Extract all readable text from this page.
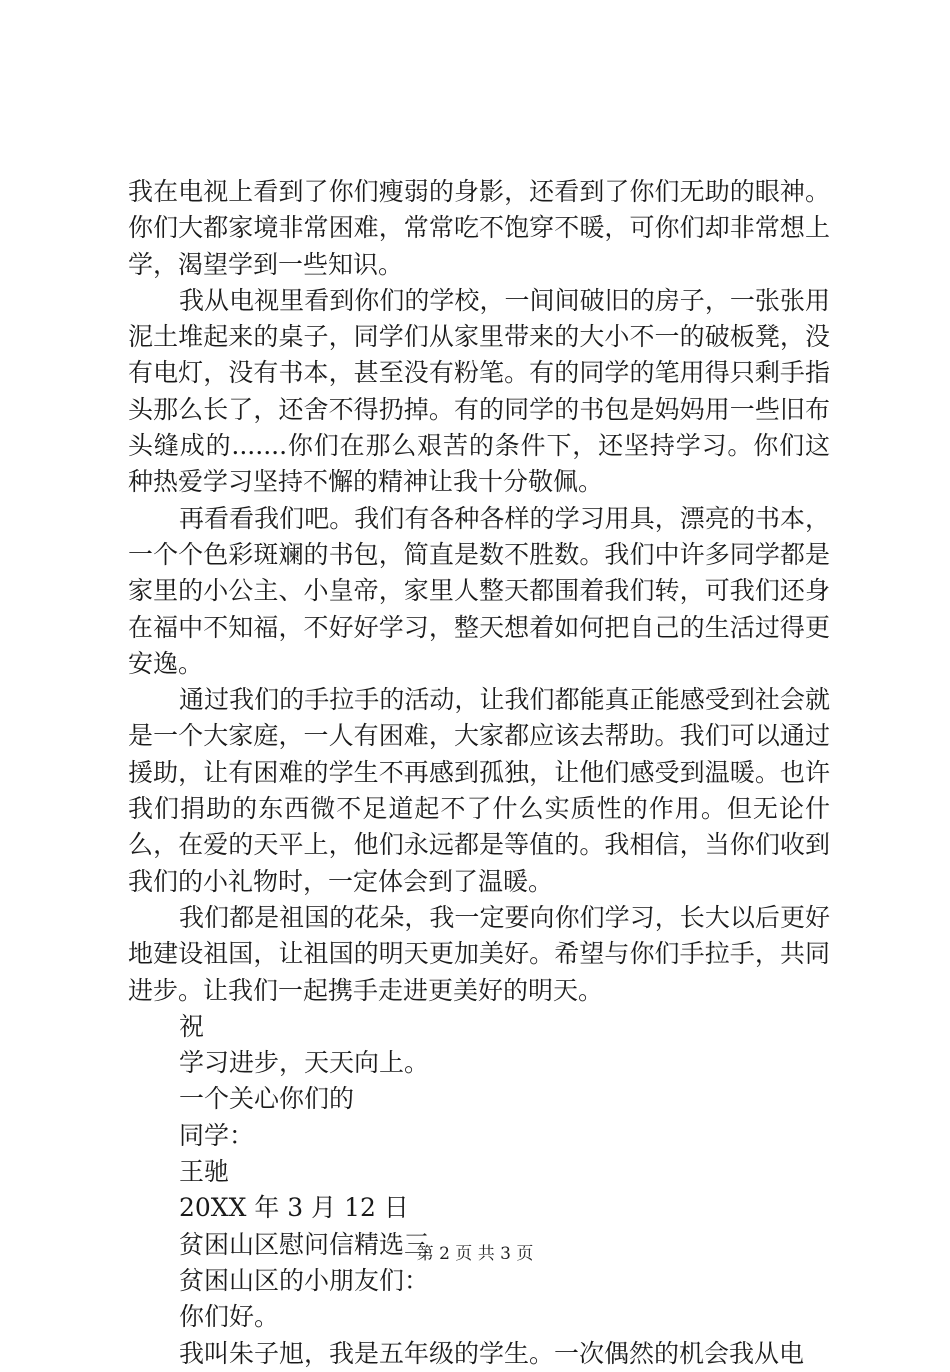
我在电视上看到了你们瘦弱的身影，还看到了你们无助的眼神。你们大都家境非常困难，常常吃不饱穿不暖，可你们却非常想上学，渴望学到一些知识。

我从电视里看到你们的学校，一间间破旧的房子，一张张用泥土堆起来的桌子，同学们从家里带来的大小不一的破板凳，没有电灯，没有书本，甚至没有粉笔。有的同学的笔用得只剩手指头那么长了，还舍不得扔掉。有的同学的书包是妈妈用一些旧布头缝成的.......你们在那么艰苦的条件下，还坚持学习。你们这种热爱学习坚持不懈的精神让我十分敬佩。

再看看我们吧。我们有各种各样的学习用具，漂亮的书本，一个个色彩斑斓的书包，简直是数不胜数。我们中许多同学都是家里的小公主、小皇帝，家里人整天都围着我们转，可我们还身在福中不知福，不好好学习，整天想着如何把自己的生活过得更安逸。

通过我们的手拉手的活动，让我们都能真正能感受到社会就是一个大家庭，一人有困难，大家都应该去帮助。我们可以通过援助，让有困难的学生不再感到孤独，让他们感受到温暖。也许我们捐助的东西微不足道起不了什么实质性的作用。但无论什么，在爱的天平上，他们永远都是等值的。我相信，当你们收到我们的小礼物时，一定体会到了温暖。

我们都是祖国的花朵，我一定要向你们学习，长大以后更好地建设祖国，让祖国的明天更加美好。希望与你们手拉手，共同进步。让我们一起携手走进更美好的明天。

祝

学习进步，天天向上。

一个关心你们的

同学：

王驰

20XX 年 3 月 12 日

贫困山区慰问信精选三

贫困山区的小朋友们：

你们好。

我叫朱子旭，我是五年级的学生。一次偶然的机会我从电

第 2 页 共 3 页
